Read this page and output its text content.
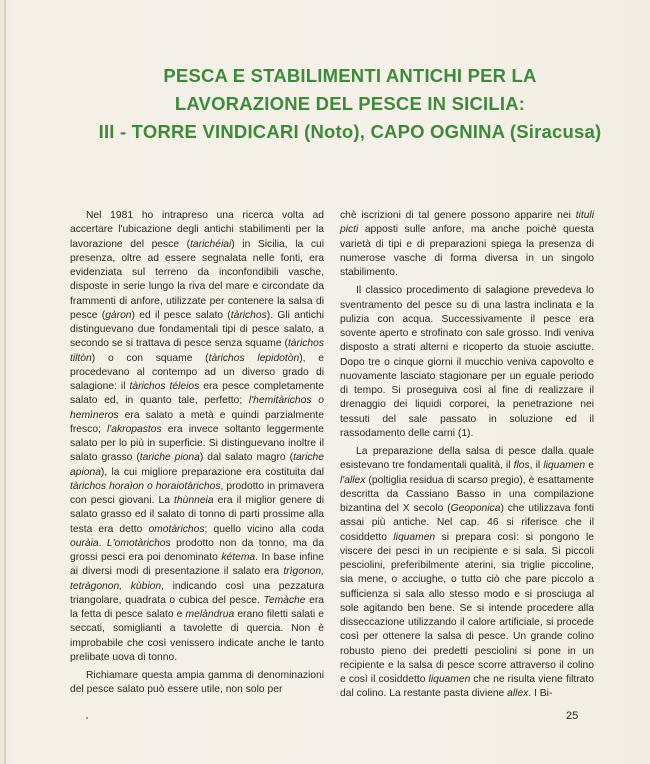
PESCA E STABILIMENTI ANTICHI PER LA
LAVORAZIONE DEL PESCE IN SICILIA:
III - TORRE VINDICARI (Noto), CAPO OGNINA (Siracusa)

Nel 1981 ho intrapreso una ricerca volta ad accertare l'ubicazione degli antichi stabilimenti per la lavorazione del pesce (tarichéiai) in Sicilia, la cui presenza, oltre ad essere segnalata nelle fonti, era evidenziata sul terreno da inconfondibili vasche, disposte in serie lungo la riva del mare e circondate da frammenti di anfore, utilizzate per contenere la salsa di pesce (gàron) ed il pesce salato (tàrichos). Gli antichi distinguevano due fondamentali tipi di pesce salato, a secondo se si trattava di pesce senza squame (tàrichos tiltòn) o con squame (tàrichos lepidotòn), e procedevano al contempo ad un diverso grado di salagione: il tàrichos téleios era pesce completamente salato ed, in quanto tale, perfetto; l'hemitàrichos o hemìneros era salato a metà e quindi parzialmente fresco; l'akropastos era invece soltanto leggermente salato per lo più in superficie. Si distinguevano inoltre il salato grasso (tariche piona) dal salato magro (tariche apiona), la cui migliore preparazione era costituita dal tàrichos horaìon o horaiotàrichos, prodotto in primavera con pesci giovani. La thùnneia era il miglior genere di salato grasso ed il salato di tonno di parti prossime alla testa era detto omotàrichos; quello vicino alla coda ouràia. L'omotàrichos prodotto non da tonno, ma da grossi pesci era poi denominato kétema. In base infine ai diversi modi di presentazione il salato era trìgonon, tetràgonon, kùbion, indicando così una pezzatura triangolare, quadrata o cubica del pesce. Temàche era la fetta di pesce salato e melàndrua erano filetti salati e seccati, somiglianti a tavolette di quercia. Non è improbabile che così venissero indicate anche le tanto prelibate uova di tonno.

Richiamare questa ampia gamma di denominazioni del pesce salato può essere utile, non solo per

chè iscrizioni di tal genere possono apparire nei tituli picti apposti sulle anfore, ma anche poichè questa varietà di tipi e di preparazioni spiega la presenza di numerose vasche di forma diversa in un singolo stabilimento.

Il classico procedimento di salagione prevedeva lo sventramento del pesce su di una lastra inclinata e la pulizia con acqua. Successivamente il pesce era sovente aperto e strofinato con sale grosso. Indi veniva disposto a strati alterni e ricoperto da stuoie asciutte. Dopo tre o cinque giorni il mucchio veniva capovolto e nuovamente lasciato stagionare per un eguale periodo di tempo. Si proseguiva così al fine di realizzare il drenaggio dei liquidi corporei, la penetrazione nei tessuti del sale passato in soluzione ed il rassodamento delle carni (1).

La preparazione della salsa di pesce dalla quale esistevano tre fondamentali qualità, il flos, il liquamen e l'allex (poltiglia residua di scarso pregio), è esattamente descritta da Cassiano Basso in una compilazione bizantina del X secolo (Geoponica) che utilizzava fonti assai più antiche. Nel cap. 46 si riferisce che il cosiddetto liquamen si prepara così: si pongono le viscere dei pesci in un recipiente e si sala. Si piccoli pesciolini, preferibilmente aterini, sia triglie piccoline, sia mene, o acciughe, o tutto ciò che pare piccolo a sufficienza si sala allo stesso modo e si prosciuga al sole agitando ben bene. Se si intende procedere alla disseccazione utilizzando il calore artificiale, si procede così per ottenere la salsa di pesce. Un grande colino robusto pieno dei predetti pesciolini si pone in un recipiente e la salsa di pesce scorre attraverso il colino e così il cosiddetto liquamen che ne risulta viene filtrato dal colino. La restante pasta diviene allex. I Bi-

25
